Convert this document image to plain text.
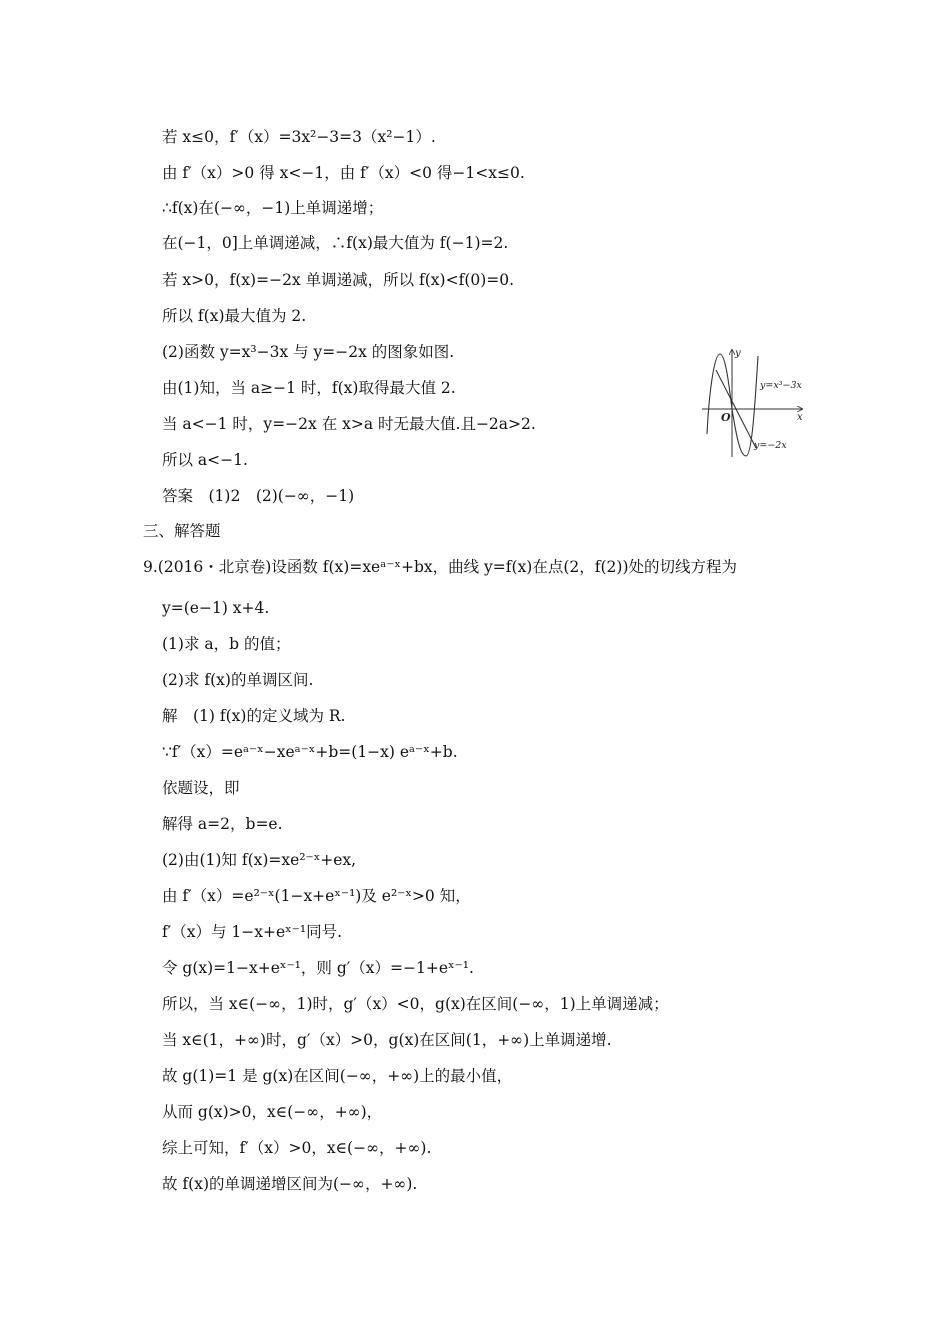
若 x≤0，f′（x）=3x²−3=3（x²−1）.
由 f′（x）>0 得 x<−1，由 f′（x）<0 得−1<x≤0.
∴f(x)在(−∞，−1)上单调递增；
在(−1，0]上单调递减，∴f(x)最大值为 f(−1)=2.
若 x>0，f(x)=−2x 单调递减，所以 f(x)<f(0)=0.
所以 f(x)最大值为 2.
(2)函数 y=x³−3x 与 y=−2x 的图象如图.
由(1)知，当 a≥−1 时，f(x)取得最大值 2.
当 a<−1 时，y=−2x 在 x>a 时无最大值.且−2a>2.
所以 a<−1.
答案　(1)2　(2)(−∞，−1)
三、解答题
9.(2016・北京卷)设函数 f(x)=xeᵃ⁻ˣ+bx，曲线 y=f(x)在点(2，f(2))处的切线方程为
y=(e−1) x+4.
(1)求 a，b 的值；
(2)求 f(x)的单调区间.
解　(1) f(x)的定义域为 R.
∵f′（x）=eᵃ⁻ˣ−xeᵃ⁻ˣ+b=(1−x) eᵃ⁻ˣ+b.
依题设，即
解得 a=2，b=e.
(2)由(1)知 f(x)=xe²⁻ˣ+ex,
由 f′（x）=e²⁻ˣ(1−x+eˣ⁻¹)及 e²⁻ˣ>0 知，
f′（x）与 1−x+eˣ⁻¹同号.
令 g(x)=1−x+eˣ⁻¹，则 g′（x）=−1+eˣ⁻¹.
所以，当 x∈(−∞，1)时，g′（x）<0，g(x)在区间(−∞，1)上单调递减；
当 x∈(1，+∞)时，g′（x）>0，g(x)在区间(1，+∞)上单调递增.
故 g(1)=1 是 g(x)在区间(−∞，+∞)上的最小值，
从而 g(x)>0，x∈(−∞，+∞)，
综上可知，f′（x）>0，x∈(−∞，+∞).
故 f(x)的单调递增区间为(−∞，+∞).
y
x
O
y=x³−3x
y=−2x
